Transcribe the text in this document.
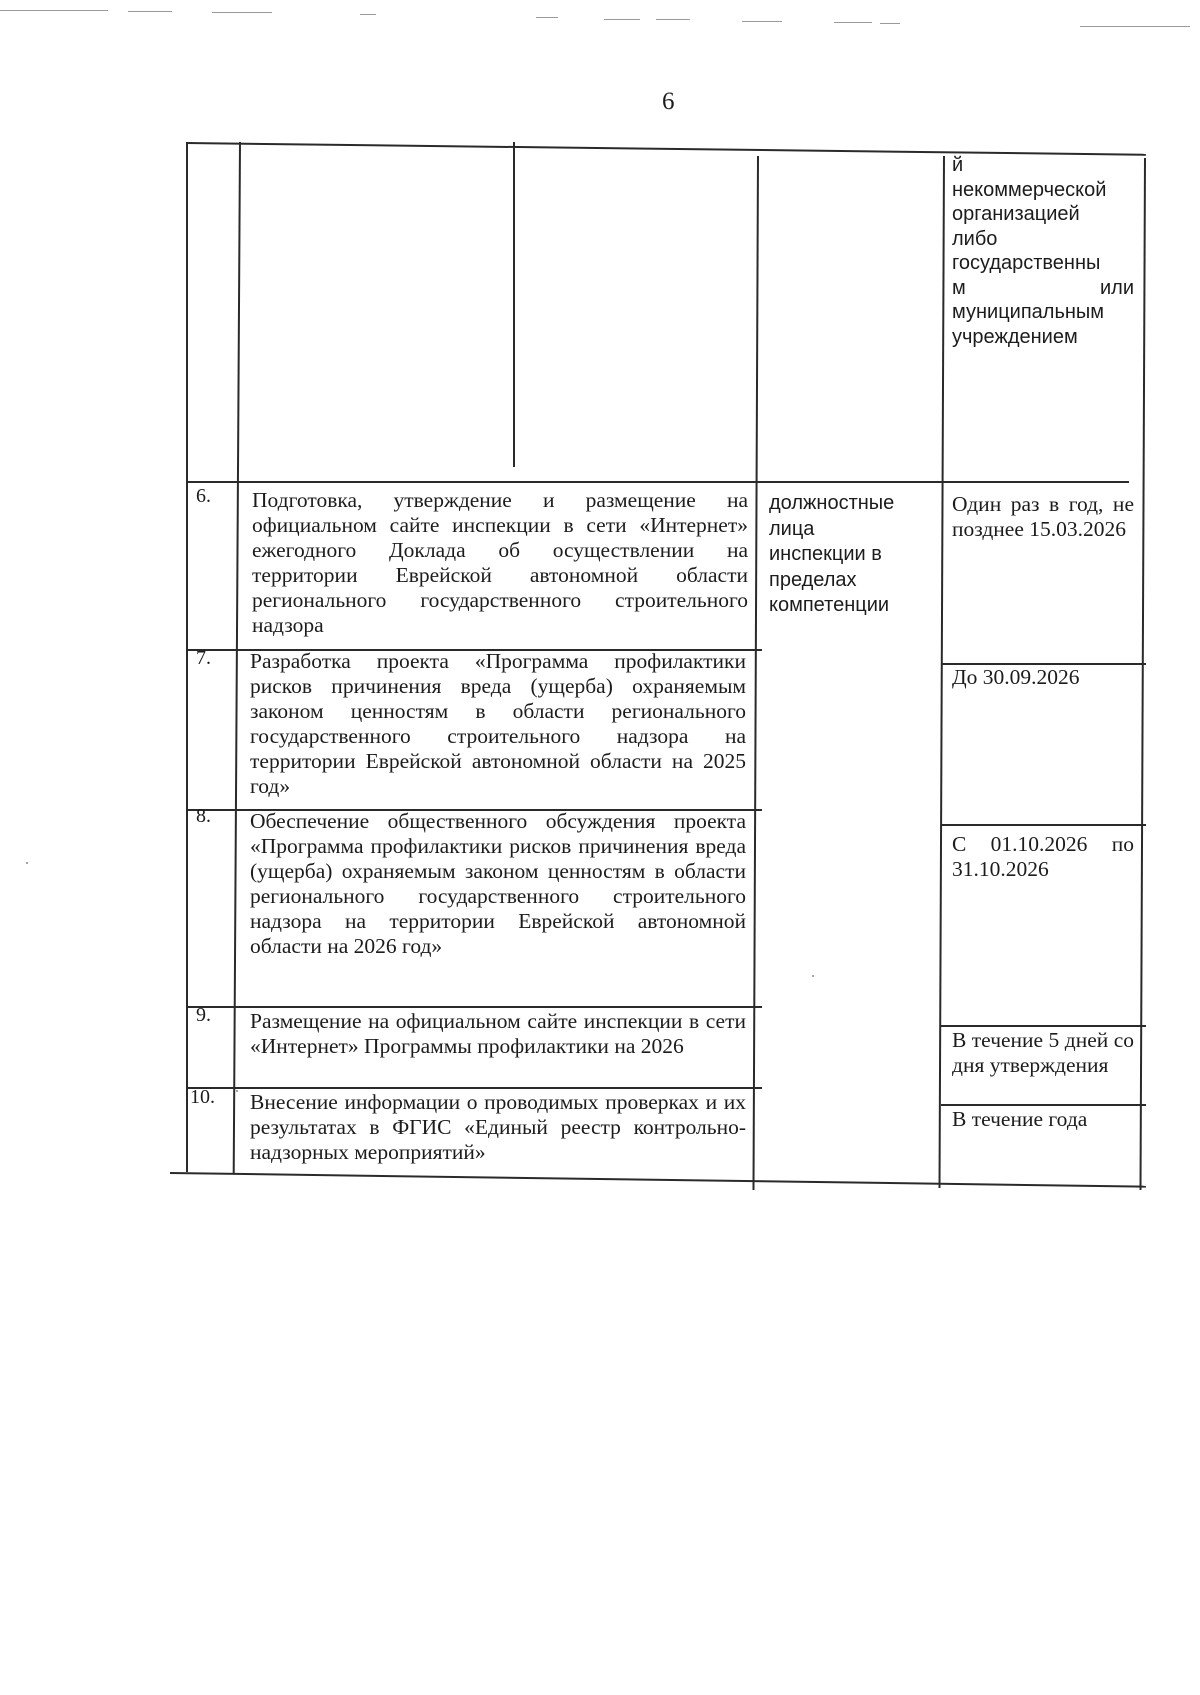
6
й
некоммерческой
организацией
либо
государственны
м или
муниципальным
учреждением
должностные
лица
инспекции в
пределах
компетенции
6. Подготовка, утверждение и размещение на официальном сайте инспекции в сети «Интернет» ежегодного Доклада об осуществлении на территории Еврейской автономной области регионального государственного строительного надзора
Один раз в год, не позднее 15.03.2026
7. Разработка проекта «Программа профилактики рисков причинения вреда (ущерба) охраняемым законом ценностям в области регионального государственного строительного надзора на территории Еврейской автономной области на 2025 год»
До 30.09.2026
8. Обеспечение общественного обсуждения проекта «Программа профилактики рисков причинения вреда (ущерба) охраняемым законом ценностям в области регионального государственного строительного надзора на территории Еврейской автономной области на 2026 год»
С 01.10.2026 по 31.10.2026
9. Размещение на официальном сайте инспекции в сети «Интернет» Программы профилактики на 2026	В течение 5 дней со дня утверждения
10. Внесение информации о проводимых проверках и их результатах в ФГИС «Единый реестр контрольно-надзорных мероприятий»
В течение года
